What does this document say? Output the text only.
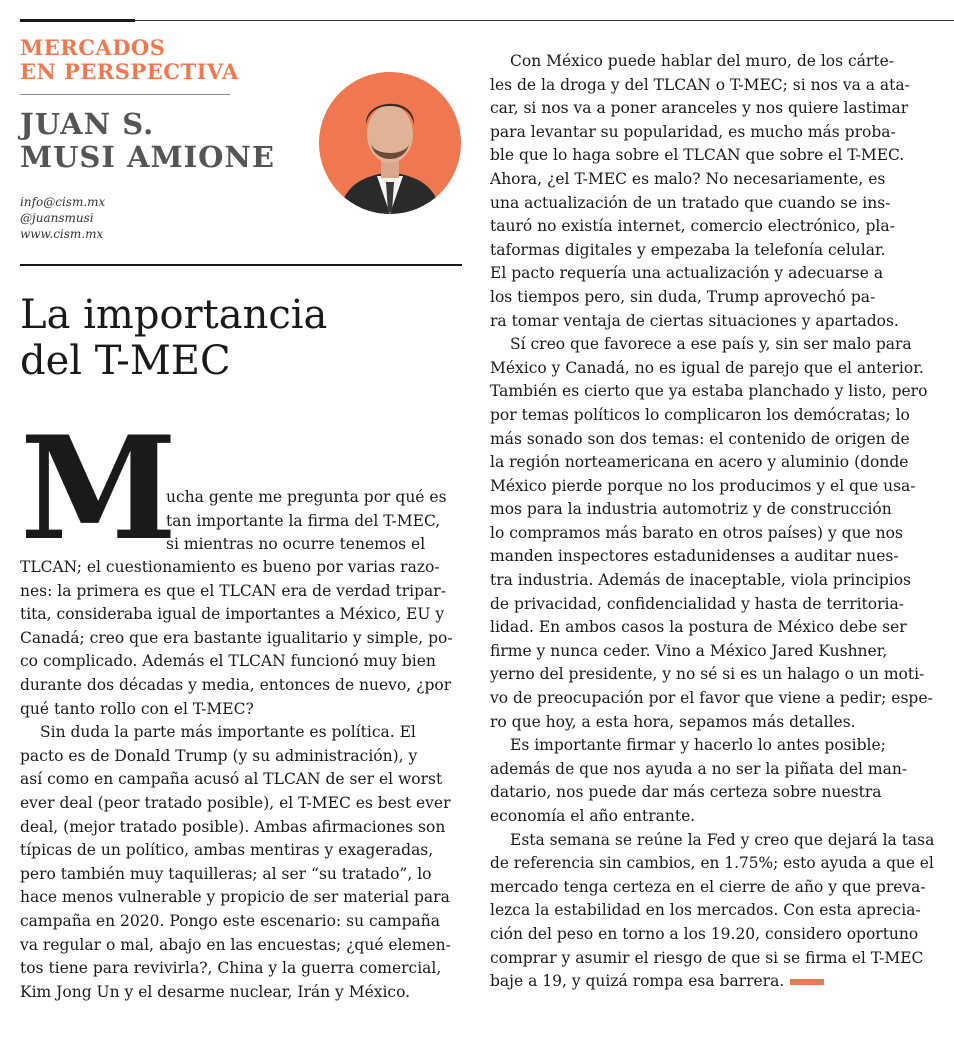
MERCADOS
EN PERSPECTIVA
JUAN S.
MUSI AMIONE
info@cism.mx
@juansmusi
www.cism.mx
La importancia
del T-MEC
M
ucha gente me pregunta por qué es
tan importante la firma del T-MEC,
si mientras no ocurre tenemos el
TLCAN; el cuestionamiento es bueno por varias razo-
nes: la primera es que el TLCAN era de verdad tripar-
tita, consideraba igual de importantes a México, EU y
Canadá; creo que era bastante igualitario y simple, po-
co complicado. Además el TLCAN funcionó muy bien
durante dos décadas y media, entonces de nuevo, ¿por
qué tanto rollo con el T-MEC?
Sin duda la parte más importante es política. El
pacto es de Donald Trump (y su administración), y
así como en campaña acusó al TLCAN de ser el worst
ever deal (peor tratado posible), el T-MEC es best ever
deal, (mejor tratado posible). Ambas afirmaciones son
típicas de un político, ambas mentiras y exageradas,
pero también muy taquilleras; al ser “su tratado”, lo
hace menos vulnerable y propicio de ser material para
campaña en 2020. Pongo este escenario: su campaña
va regular o mal, abajo en las encuestas; ¿qué elemen-
tos tiene para revivirla?, China y la guerra comercial,
Kim Jong Un y el desarme nuclear, Irán y México.
Con México puede hablar del muro, de los cárte-
les de la droga y del TLCAN o T-MEC; si nos va a ata-
car, si nos va a poner aranceles y nos quiere lastimar
para levantar su popularidad, es mucho más proba-
ble que lo haga sobre el TLCAN que sobre el T-MEC.
Ahora, ¿el T-MEC es malo? No necesariamente, es
una actualización de un tratado que cuando se ins-
tauró no existía internet, comercio electrónico, pla-
taformas digitales y empezaba la telefonía celular.
El pacto requería una actualización y adecuarse a
los tiempos pero, sin duda, Trump aprovechó pa-
ra tomar ventaja de ciertas situaciones y apartados.
Sí creo que favorece a ese país y, sin ser malo para
México y Canadá, no es igual de parejo que el anterior.
También es cierto que ya estaba planchado y listo, pero
por temas políticos lo complicaron los demócratas; lo
más sonado son dos temas: el contenido de origen de
la región norteamericana en acero y aluminio (donde
México pierde porque no los producimos y el que usa-
mos para la industria automotriz y de construcción
lo compramos más barato en otros países) y que nos
manden inspectores estadunidenses a auditar nues-
tra industria. Además de inaceptable, viola principios
de privacidad, confidencialidad y hasta de territoria-
lidad. En ambos casos la postura de México debe ser
firme y nunca ceder. Vino a México Jared Kushner,
yerno del presidente, y no sé si es un halago o un moti-
vo de preocupación por el favor que viene a pedir; espe-
ro que hoy, a esta hora, sepamos más detalles.
Es importante firmar y hacerlo lo antes posible;
además de que nos ayuda a no ser la piñata del man-
datario, nos puede dar más certeza sobre nuestra
economía el año entrante.
Esta semana se reúne la Fed y creo que dejará la tasa
de referencia sin cambios, en 1.75%; esto ayuda a que el
mercado tenga certeza en el cierre de año y que preva-
lezca la estabilidad en los mercados. Con esta aprecia-
ción del peso en torno a los 19.20, considero oportuno
comprar y asumir el riesgo de que si se firma el T-MEC
baje a 19, y quizá rompa esa barrera.
